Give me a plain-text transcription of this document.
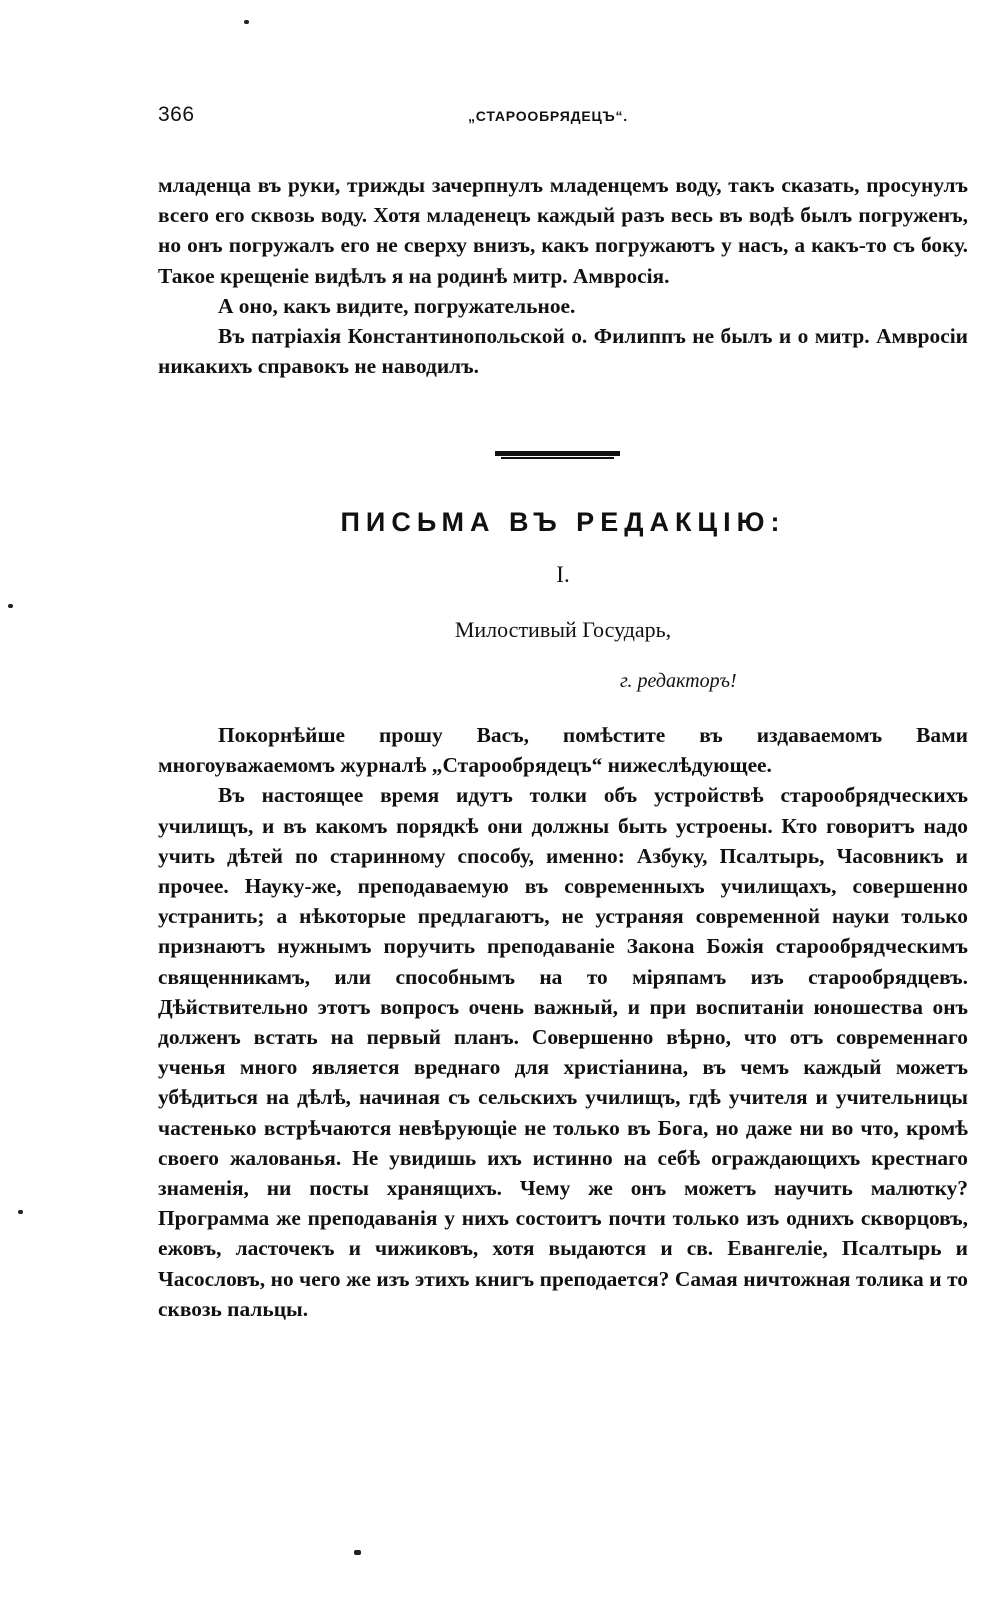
366	„СТАРООБРЯДЕЦЪ“.

младенца въ руки, трижды зачерпнулъ младенцемъ воду, такъ сказать, просунулъ всего его сквозь воду. Хотя младенецъ каждый разъ весь въ водѣ былъ погруженъ, но онъ погружалъ его не сверху внизъ, какъ погружаютъ у насъ, а какъ-то съ боку. Такое крещеніе видѣлъ я на родинѣ митр. Амвросія.

А оно, какъ видите, погружательное.

Въ патріахія Константинопольской о. Филиппъ не былъ и о митр. Амвросіи никакихъ справокъ не наводилъ.

ПИСЬМА ВЪ РЕДАКЦІЮ:
I.
Милостивый Государь,
г. редакторъ!

Покорнѣйше прошу Васъ, помѣстите въ издаваемомъ Вами многоуважаемомъ журналѣ „Старообрядецъ“ нижеслѣдующее.

Въ настоящее время идутъ толки объ устройствѣ старообрядческихъ училищъ, и въ какомъ порядкѣ они должны быть устроены. Кто говоритъ надо учить дѣтей по старинному способу, именно: Азбуку, Псалтырь, Часовникъ и прочее. Науку-же, преподаваемую въ современныхъ училищахъ, совершенно устранить; а нѣкоторые предлагаютъ, не устраняя современной науки только признаютъ нужнымъ поручить преподаваніе Закона Божія старообрядческимъ священникамъ, или способнымъ на то міряпамъ изъ старообрядцевъ. Дѣйствительно этотъ вопросъ очень важный, и при воспитаніи юношества онъ долженъ встать на первый планъ. Совершенно вѣрно, что отъ современнаго ученья много является вреднаго для христіанина, въ чемъ каждый можетъ убѣдиться на дѣлѣ, начиная съ сельскихъ училищъ, гдѣ учителя и учительницы частенько встрѣчаются невѣрующіе не только въ Бога, но даже ни во что, кромѣ своего жалованья. Не увидишь ихъ истинно на себѣ ограждающихъ крестнаго знаменія, ни посты хранящихъ. Чему же онъ можетъ научить малютку? Программа же преподаванія у нихъ состоитъ почти только изъ однихъ скворцовъ, ежовъ, ласточекъ и чижиковъ, хотя выдаются и св. Евангеліе, Псалтырь и Часословъ, но чего же изъ этихъ книгъ преподается? Самая ничтожная толика и то сквозь пальцы.
